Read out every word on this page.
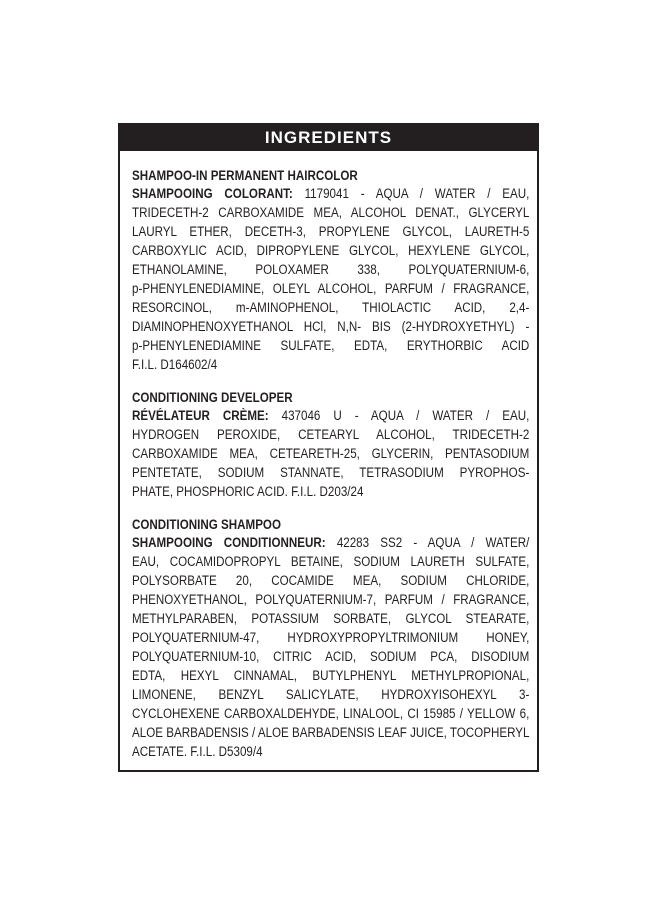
INGREDIENTS
SHAMPOO-IN PERMANENT HAIRCOLOR
SHAMPOOING COLORANT: 1179041 - AQUA / WATER / EAU,
TRIDECETH-2 CARBOXAMIDE MEA, ALCOHOL DENAT., GLYCERYL
LAURYL ETHER, DECETH-3, PROPYLENE GLYCOL, LAURETH-5
CARBOXYLIC ACID, DIPROPYLENE GLYCOL, HEXYLENE GLYCOL,
ETHANOLAMINE, POLOXAMER 338, POLYQUATERNIUM-6,
p-PHENYLENEDIAMINE, OLEYL ALCOHOL, PARFUM / FRAGRANCE,
RESORCINOL, m-AMINOPHENOL, THIOLACTIC ACID, 2,4-
DIAMINOPHENOXYETHANOL HCl, N,N- BIS (2-HYDROXYETHYL) -
p-PHENYLENEDIAMINE SULFATE, EDTA, ERYTHORBIC ACID
F.I.L. D164602/4
CONDITIONING DEVELOPER
RÉVÉLATEUR CRÈME: 437046 U - AQUA / WATER / EAU,
HYDROGEN PEROXIDE, CETEARYL ALCOHOL, TRIDECETH-2
CARBOXAMIDE MEA, CETEARETH-25, GLYCERIN, PENTASODIUM
PENTETATE, SODIUM STANNATE, TETRASODIUM PYROPHOS-
PHATE, PHOSPHORIC ACID. F.I.L. D203/24
CONDITIONING SHAMPOO
SHAMPOOING CONDITIONNEUR: 42283 SS2 - AQUA / WATER/
EAU, COCAMIDOPROPYL BETAINE, SODIUM LAURETH SULFATE,
POLYSORBATE 20, COCAMIDE MEA, SODIUM CHLORIDE,
PHENOXYETHANOL, POLYQUATERNIUM-7, PARFUM / FRAGRANCE,
METHYLPARABEN, POTASSIUM SORBATE, GLYCOL STEARATE,
POLYQUATERNIUM-47, HYDROXYPROPYLTRIMONIUM HONEY,
POLYQUATERNIUM-10, CITRIC ACID, SODIUM PCA, DISODIUM
EDTA, HEXYL CINNAMAL, BUTYLPHENYL METHYLPROPIONAL,
LIMONENE, BENZYL SALICYLATE, HYDROXYISOHEXYL 3-
CYCLOHEXENE CARBOXALDEHYDE, LINALOOL, CI 15985 / YELLOW 6,
ALOE BARBADENSIS / ALOE BARBADENSIS LEAF JUICE, TOCOPHERYL
ACETATE. F.I.L. D5309/4
